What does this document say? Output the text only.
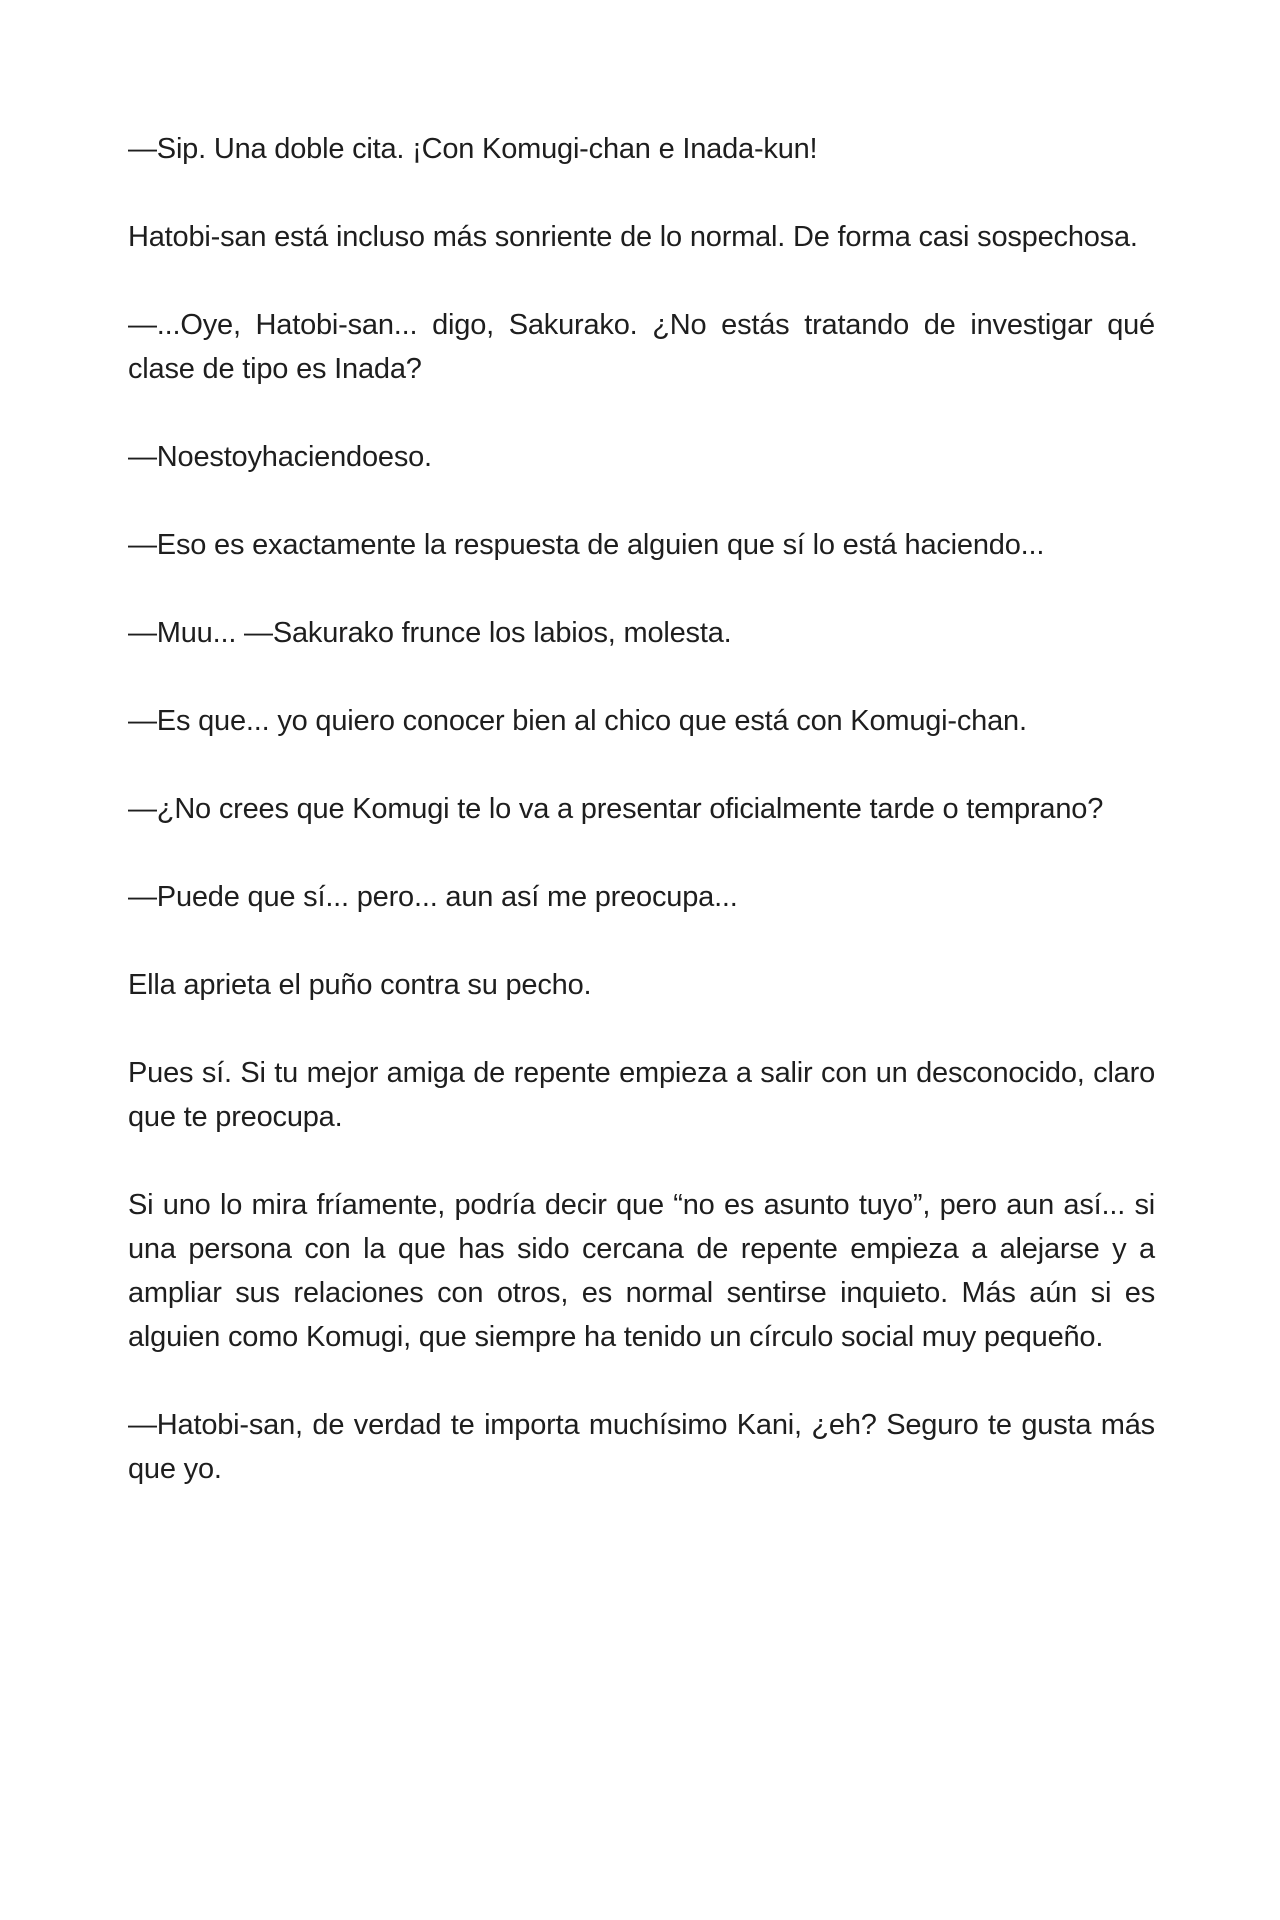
—Sip. Una doble cita. ¡Con Komugi-chan e Inada-kun!

Hatobi-san está incluso más sonriente de lo normal. De forma casi sospechosa.

—...Oye, Hatobi-san... digo, Sakurako. ¿No estás tratando de investigar qué clase de tipo es Inada?

—Noestoyhaciendoeso.

—Eso es exactamente la respuesta de alguien que sí lo está haciendo...

—Muu... —Sakurako frunce los labios, molesta.

—Es que... yo quiero conocer bien al chico que está con Komugi-chan.

—¿No crees que Komugi te lo va a presentar oficialmente tarde o temprano?

—Puede que sí... pero... aun así me preocupa...

Ella aprieta el puño contra su pecho.

Pues sí. Si tu mejor amiga de repente empieza a salir con un desconocido, claro que te preocupa.

Si uno lo mira fríamente, podría decir que “no es asunto tuyo”, pero aun así... si una persona con la que has sido cercana de repente empieza a alejarse y a ampliar sus relaciones con otros, es normal sentirse inquieto. Más aún si es alguien como Komugi, que siempre ha tenido un círculo social muy pequeño.

—Hatobi-san, de verdad te importa muchísimo Kani, ¿eh? Seguro te gusta más que yo.
